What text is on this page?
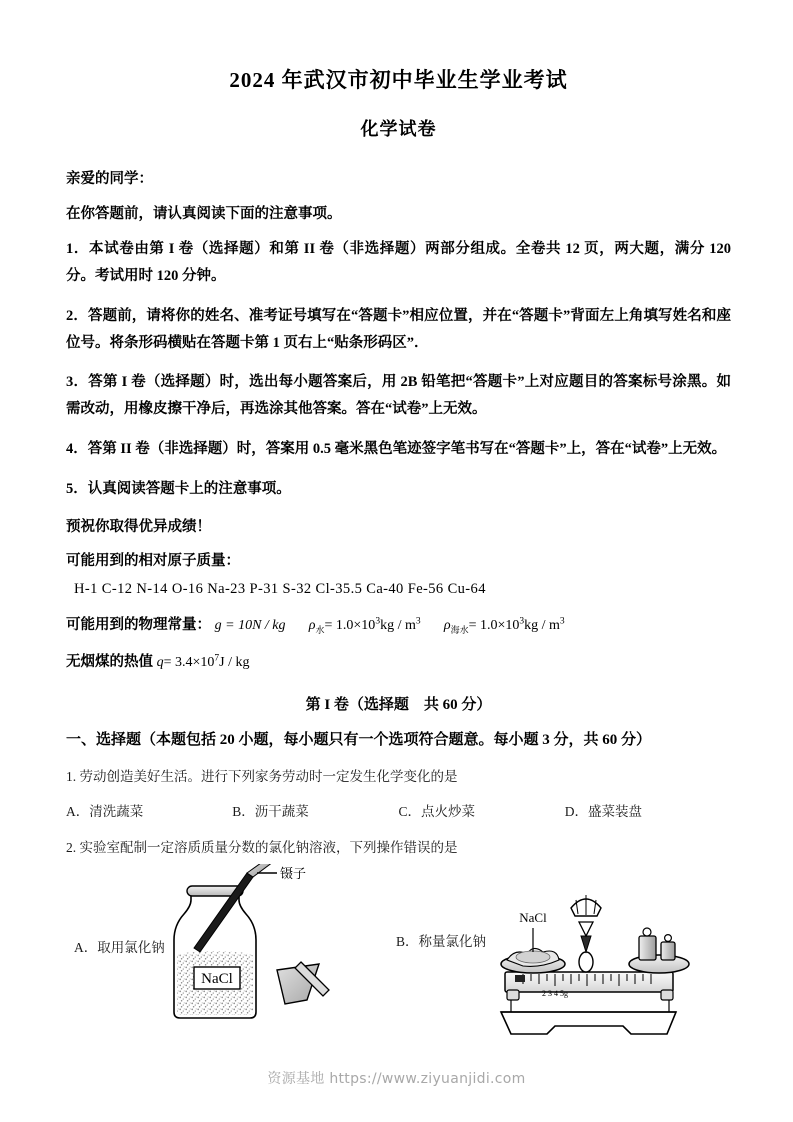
2024 年武汉市初中毕业生学业考试
化学试卷
亲爱的同学：
在你答题前，请认真阅读下面的注意事项。
1．本试卷由第 I 卷（选择题）和第 II 卷（非选择题）两部分组成。全卷共 12 页，两大题，满分 120 分。考试用时 120 分钟。
2．答题前，请将你的姓名、准考证号填写在“答题卡”相应位置，并在“答题卡”背面左上角填写姓名和座位号。将条形码横贴在答题卡第 1 页右上“贴条形码区”．
3．答第 I 卷（选择题）时，选出每小题答案后，用 2B 铅笔把“答题卡”上对应题目的答案标号涂黑。如需改动，用橡皮擦干净后，再选涂其他答案。答在“试卷”上无效。
4．答第 II 卷（非选择题）时，答案用 0.5 毫米黑色笔迹签字笔书写在“答题卡”上，答在“试卷”上无效。
5．认真阅读答题卡上的注意事项。
预祝你取得优异成绩！
可能用到的相对原子质量：
H-1 C-12 N-14 O-16 Na-23 P-31 S-32 Cl-35.5 Ca-40 Fe-56 Cu-64
可能用到的物理常量： g = 10N / kg $\rho_水= 1.0\times 10^3kg / m^3$ $\rho_{海水}= 1.0\times 10^3kg / m^3$
无烟煤的热值 $q= 3.4\times 10^7J$ / kg
第 I 卷（选择题　共 60 分）
一、选择题（本题包括 20 小题，每小题只有一个选项符合题意。每小题 3 分，共 60 分）
1. 劳动创造美好生活。进行下列家务劳动时一定发生化学变化的是
A．清洗蔬菜	B．沥干蔬菜	C．点火炒菜	D．盛菜装盘
2. 实验室配制一定溶质质量分数的氯化钠溶液，下列操作错误的是
A．取用氯化钠
NaCl
镊子
B．称量氯化钠
2 3 4 5g
NaCl
资源基地 https://www.ziyuanjidi.com
